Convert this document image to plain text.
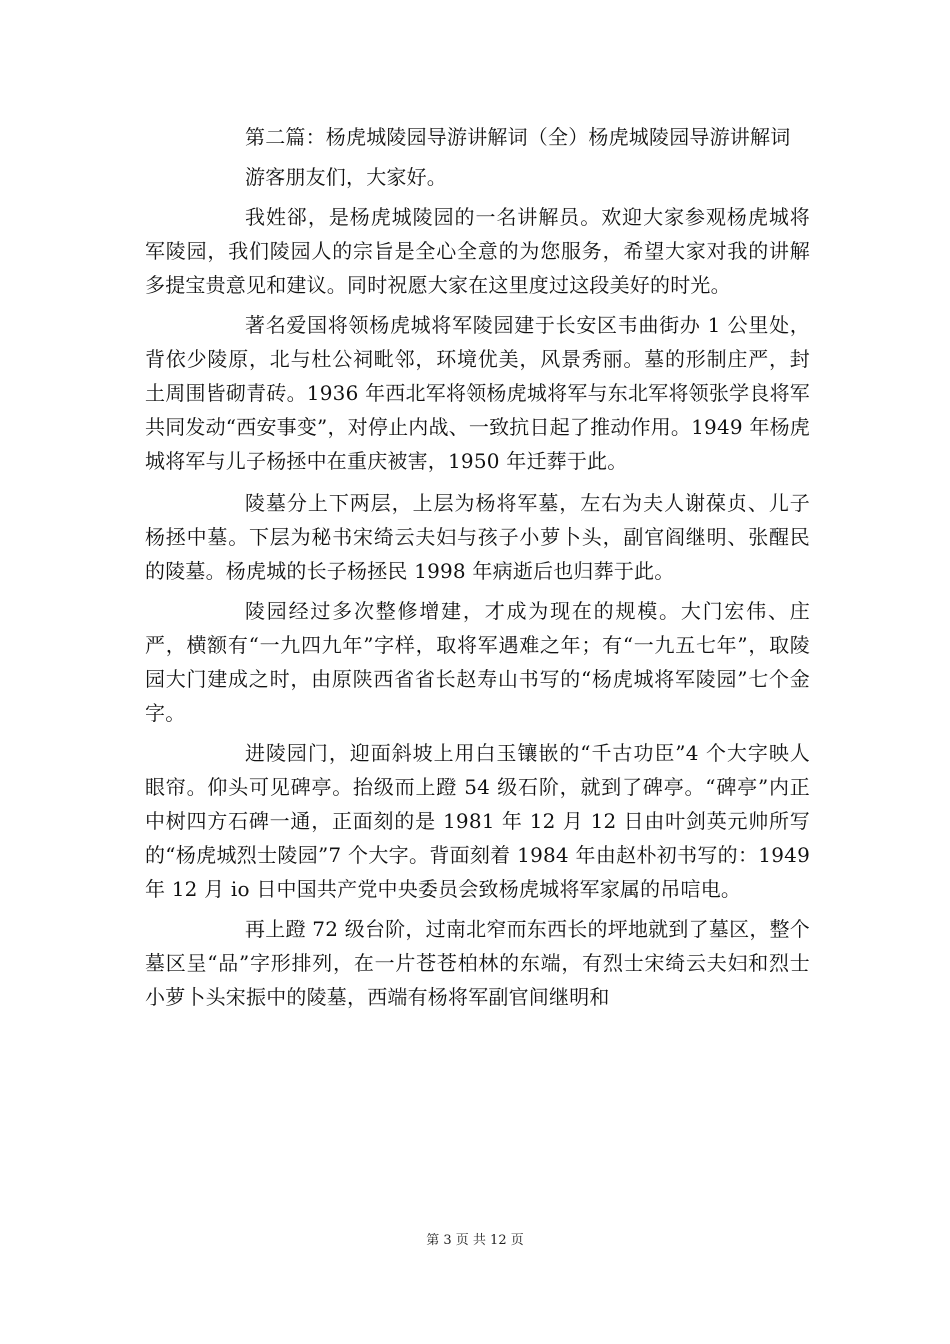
第二篇：杨虎城陵园导游讲解词（全）杨虎城陵园导游讲解词

游客朋友们，大家好。

我姓郤，是杨虎城陵园的一名讲解员。欢迎大家参观杨虎城将军陵园，我们陵园人的宗旨是全心全意的为您服务，希望大家对我的讲解多提宝贵意见和建议。同时祝愿大家在这里度过这段美好的时光。

著名爱国将领杨虎城将军陵园建于长安区韦曲街办 1 公里处，背依少陵原，北与杜公祠毗邻，环境优美，风景秀丽。墓的形制庄严，封土周围皆砌青砖。1936 年西北军将领杨虎城将军与东北军将领张学良将军共同发动“西安事变”，对停止内战、一致抗日起了推动作用。1949 年杨虎城将军与儿子杨拯中在重庆被害，1950 年迁葬于此。

陵墓分上下两层，上层为杨将军墓，左右为夫人谢葆贞、儿子杨拯中墓。下层为秘书宋绮云夫妇与孩子小萝卜头，副官阎继明、张醒民的陵墓。杨虎城的长子杨拯民 1998 年病逝后也归葬于此。

陵园经过多次整修增建，才成为现在的规模。大门宏伟、庄严，横额有“一九四九年”字样，取将军遇难之年；有“一九五七年”，取陵园大门建成之时，由原陕西省省长赵寿山书写的“杨虎城将军陵园”七个金字。

进陵园门，迎面斜坡上用白玉镶嵌的“千古功臣”4 个大字映人眼帘。仰头可见碑亭。抬级而上蹬 54 级石阶，就到了碑亭。“碑亭”内正中树四方石碑一通，正面刻的是 1981 年 12 月 12 日由叶剑英元帅所写的“杨虎城烈士陵园”7 个大字。背面刻着 1984 年由赵朴初书写的：1949 年 12 月 io 日中国共产党中央委员会致杨虎城将军家属的吊唁电。

再上蹬 72 级台阶，过南北窄而东西长的坪地就到了墓区，整个墓区呈“品”字形排列，在一片苍苍柏林的东端，有烈士宋绮云夫妇和烈士小萝卜头宋振中的陵墓，西端有杨将军副官间继明和

第 3 页 共 12 页
